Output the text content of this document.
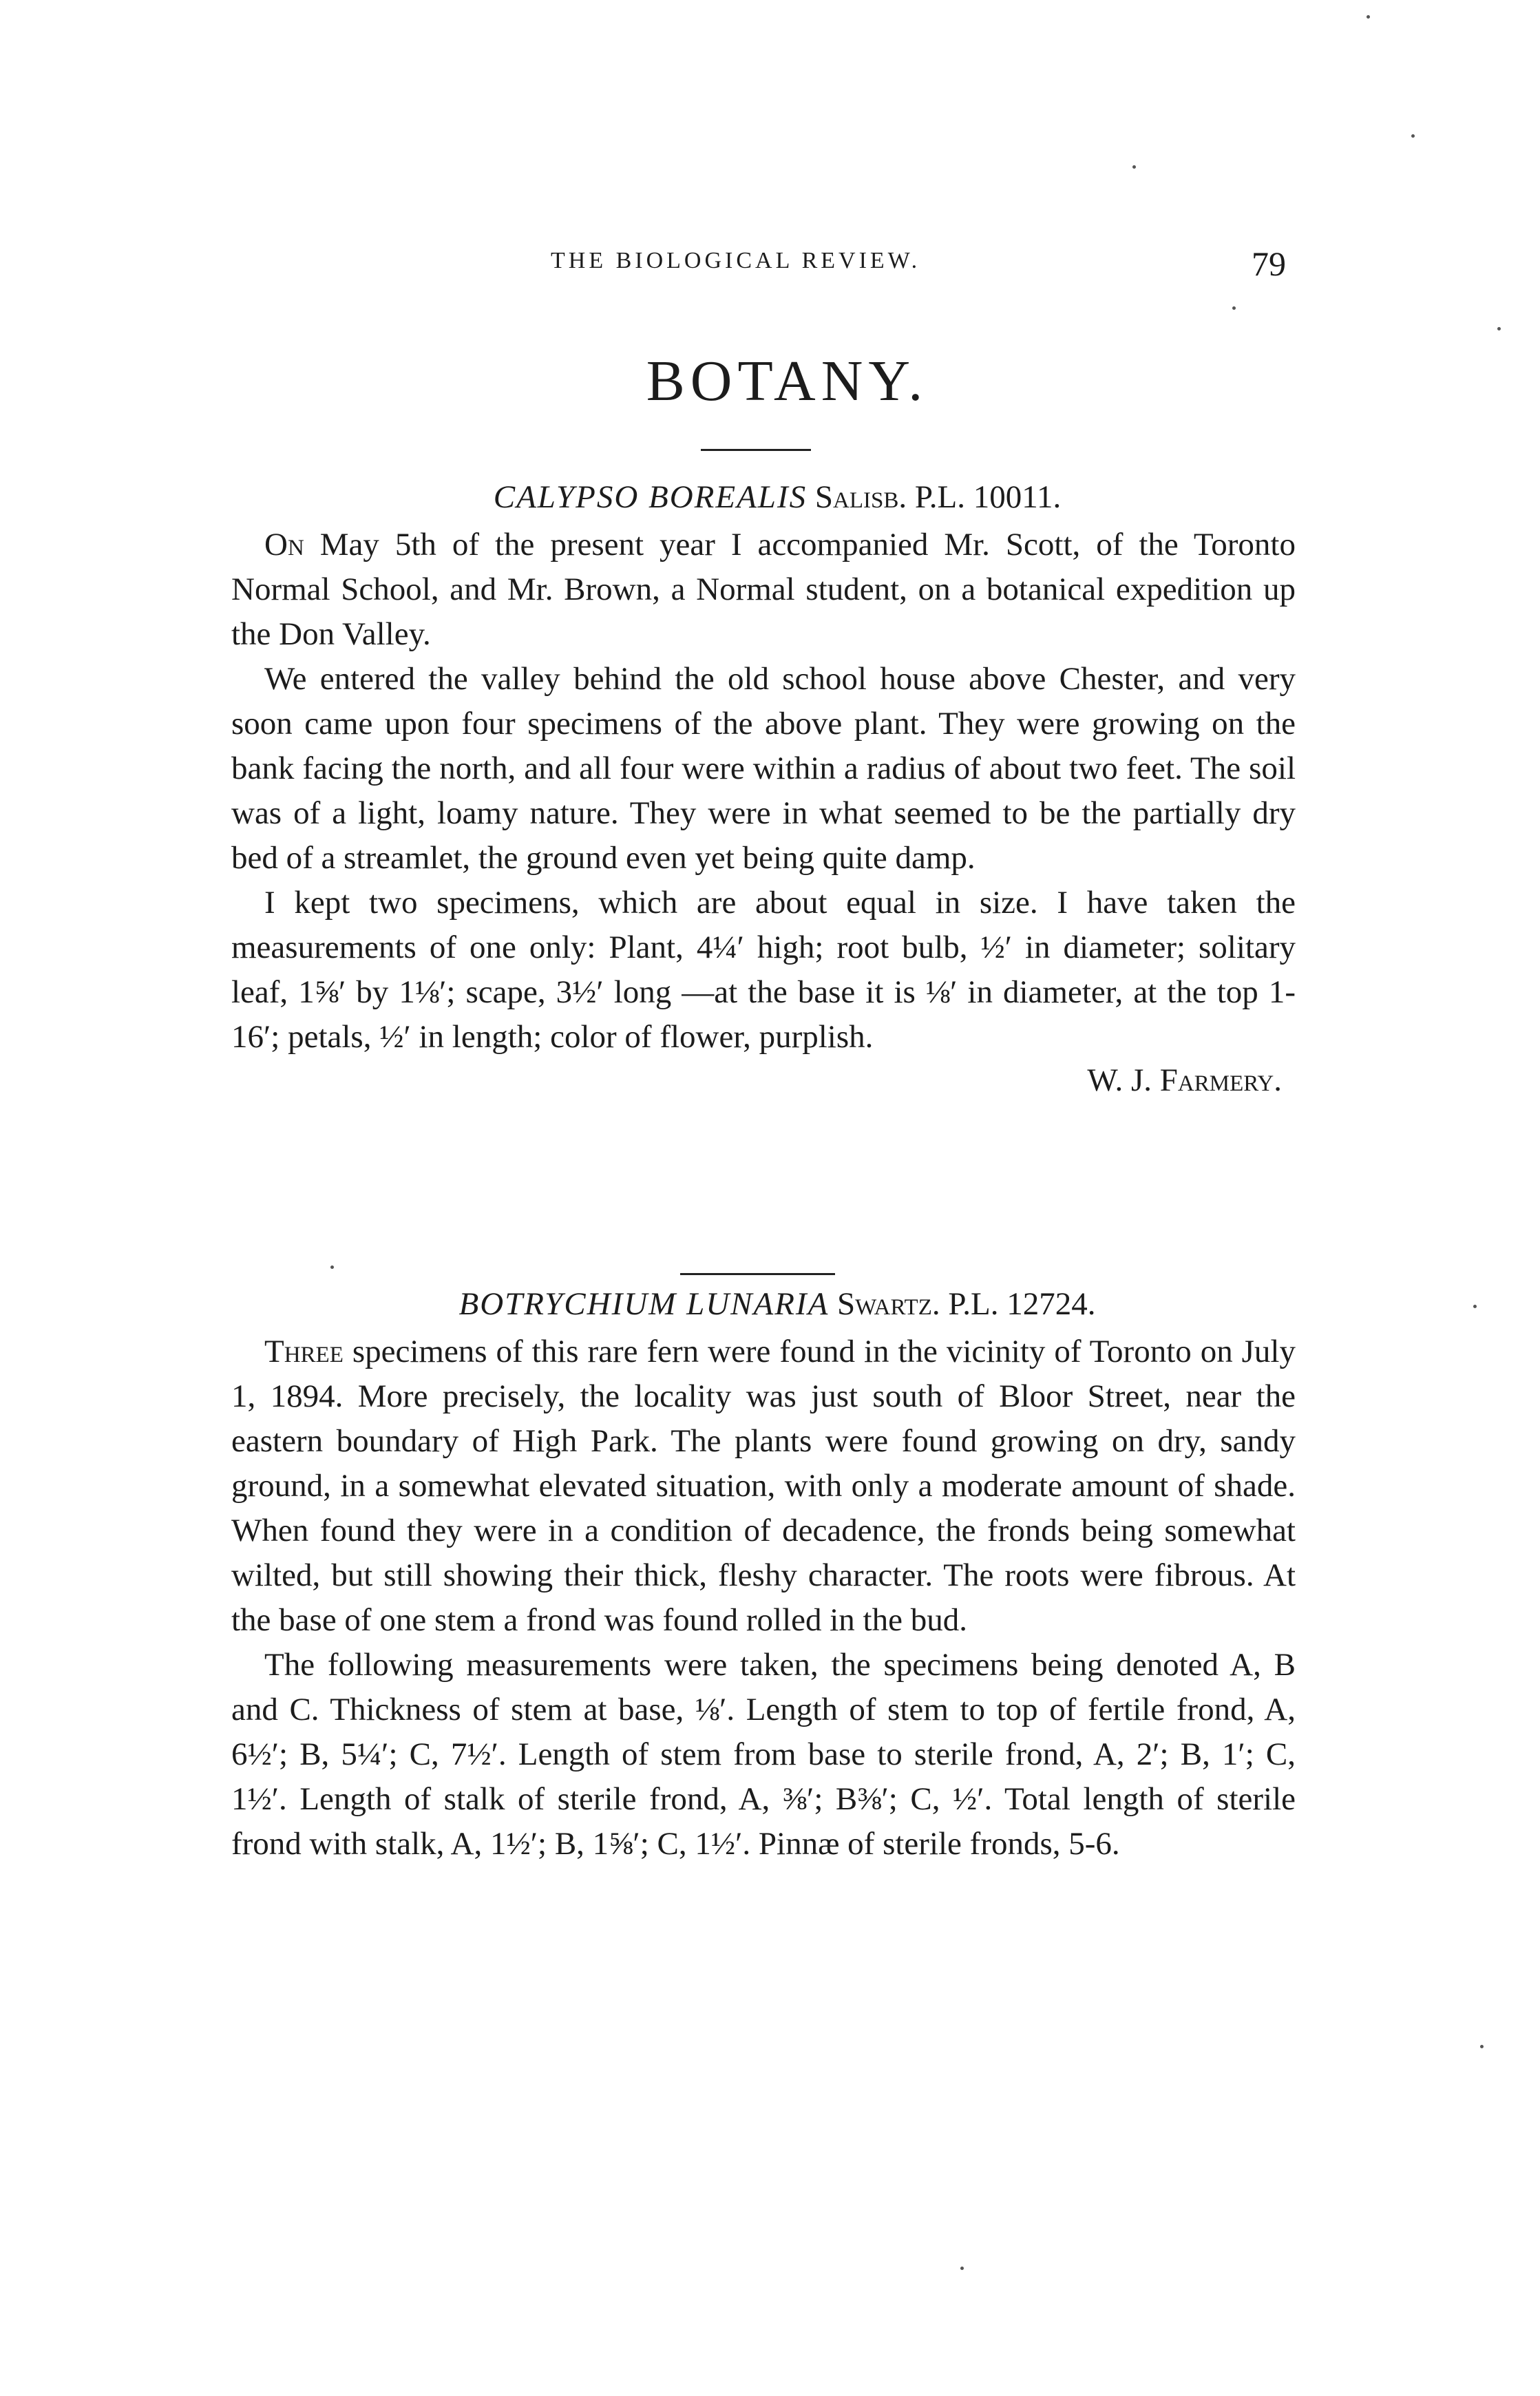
THE BIOLOGICAL REVIEW.	79
BOTANY.
CALYPSO BOREALIS Salisb. P.L. 10011.

On May 5th of the present year I accompanied Mr. Scott, of the Toronto Normal School, and Mr. Brown, a Normal student, on a botanical expedition up the Don Valley.

We entered the valley behind the old school house above Chester, and very soon came upon four specimens of the above plant. They were growing on the bank facing the north, and all four were within a radius of about two feet. The soil was of a light, loamy nature. They were in what seemed to be the partially dry bed of a streamlet, the ground even yet being quite damp.

I kept two specimens, which are about equal in size. I have taken the measurements of one only: Plant, 4¼′ high; root bulb, ½′ in diameter; solitary leaf, 1⅝′ by 1⅛′; scape, 3½′ long —at the base it is ⅛′ in diameter, at the top 1-16′; petals, ½′ in length; color of flower, purplish.

W. J. Farmery.
BOTRYCHIUM LUNARIA Swartz. P.L. 12724.

Three specimens of this rare fern were found in the vicinity of Toronto on July 1, 1894. More precisely, the locality was just south of Bloor Street, near the eastern boundary of High Park. The plants were found growing on dry, sandy ground, in a somewhat elevated situation, with only a moderate amount of shade. When found they were in a condition of decadence, the fronds being somewhat wilted, but still showing their thick, fleshy character. The roots were fibrous. At the base of one stem a frond was found rolled in the bud.

The following measurements were taken, the specimens being denoted A, B and C. Thickness of stem at base, ⅛′. Length of stem to top of fertile frond, A, 6½′; B, 5¼′; C, 7½′. Length of stem from base to sterile frond, A, 2′; B, 1′; C, 1½′. Length of stalk of sterile frond, A, ⅜′; B⅜′; C, ½′. Total length of sterile frond with stalk, A, 1½′; B, 1⅝′; C, 1½′. Pinnæ of sterile fronds, 5-6.
